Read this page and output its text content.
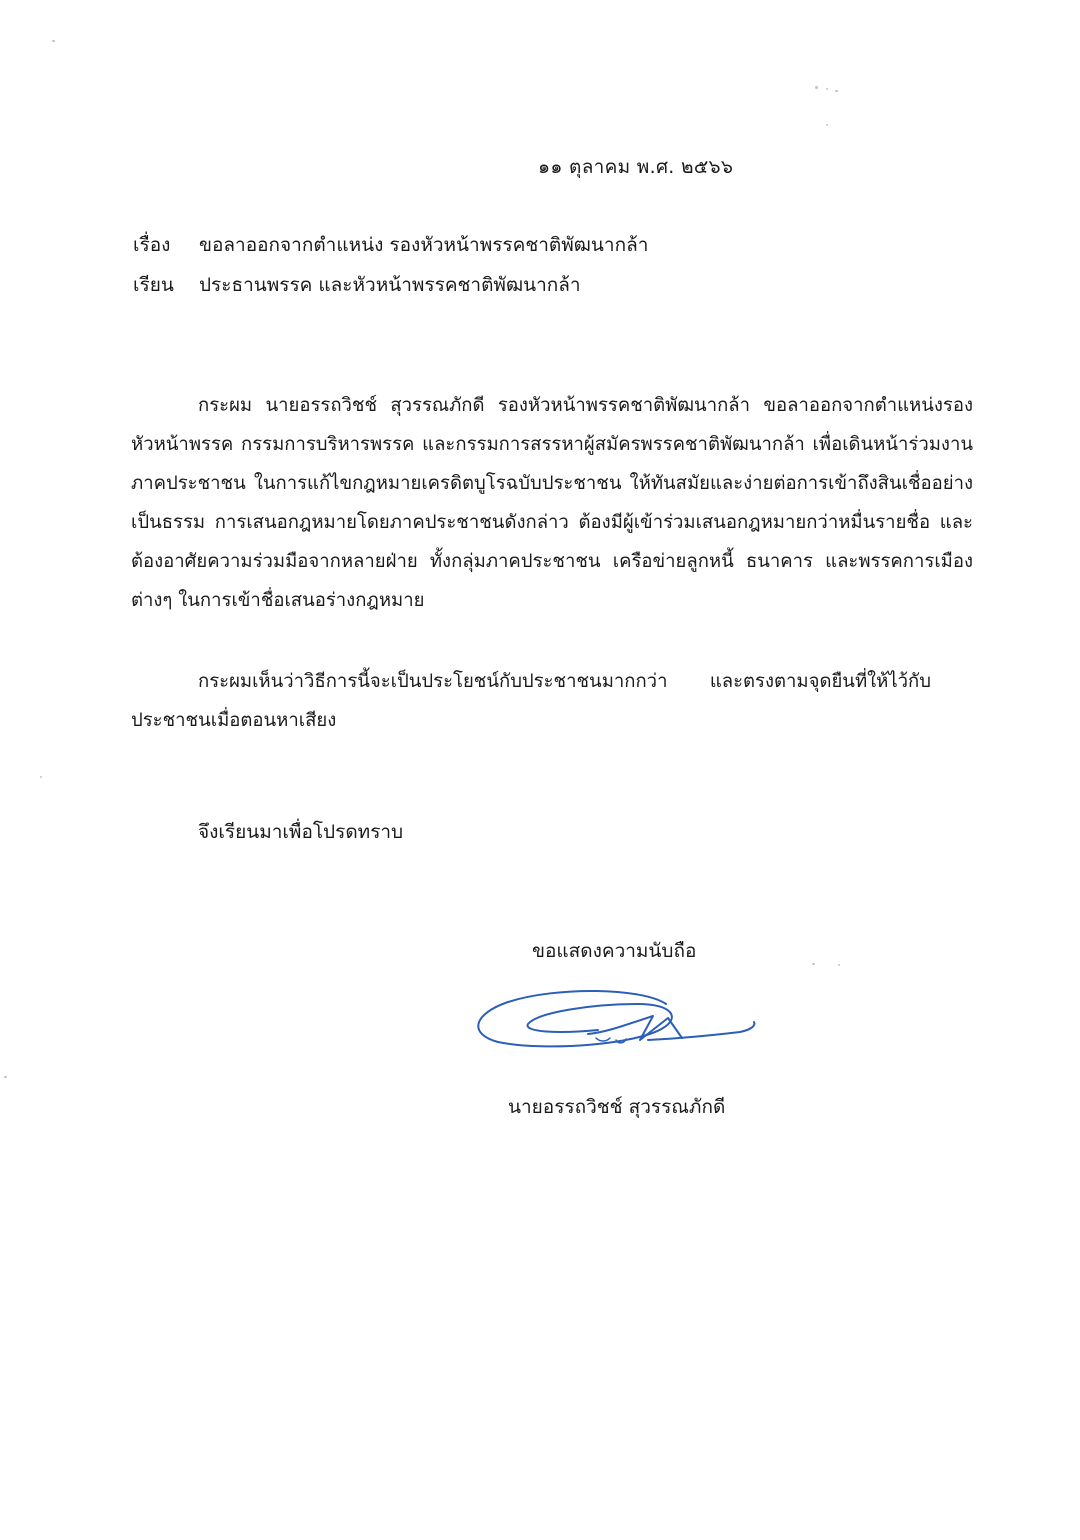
๑๑ ตุลาคม พ.ศ. ๒๕๖๖
เรื่อง ขอลาออกจากตำแหน่ง รองหัวหน้าพรรคชาติพัฒนากล้า
เรียน ประธานพรรค และหัวหน้าพรรคชาติพัฒนากล้า
กระผม นายอรรถวิชช์ สุวรรณภักดี รองหัวหน้าพรรคชาติพัฒนากล้า ขอลาออกจากตำแหน่งรองหัวหน้าพรรค กรรมการบริหารพรรค และกรรมการสรรหาผู้สมัครพรรคชาติพัฒนากล้า เพื่อเดินหน้าร่วมงานภาคประชาชน ในการแก้ไขกฎหมายเครดิตบูโรฉบับประชาชน ให้ทันสมัยและง่ายต่อการเข้าถึงสินเชื่ออย่างเป็นธรรม การเสนอกฎหมายโดยภาคประชาชนดังกล่าว ต้องมีผู้เข้าร่วมเสนอกฎหมายกว่าหมื่นรายชื่อ และต้องอาศัยความร่วมมือจากหลายฝ่าย ทั้งกลุ่มภาคประชาชน เครือข่ายลูกหนี้ ธนาคาร และพรรคการเมืองต่างๆ ในการเข้าชื่อเสนอร่างกฎหมาย
กระผมเห็นว่าวิธีการนี้จะเป็นประโยชน์กับประชาชนมากกว่า และตรงตามจุดยืนที่ให้ไว้กับประชาชนเมื่อตอนหาเสียง
จึงเรียนมาเพื่อโปรดทราบ
ขอแสดงความนับถือ
นายอรรถวิชช์ สุวรรณภักดี
